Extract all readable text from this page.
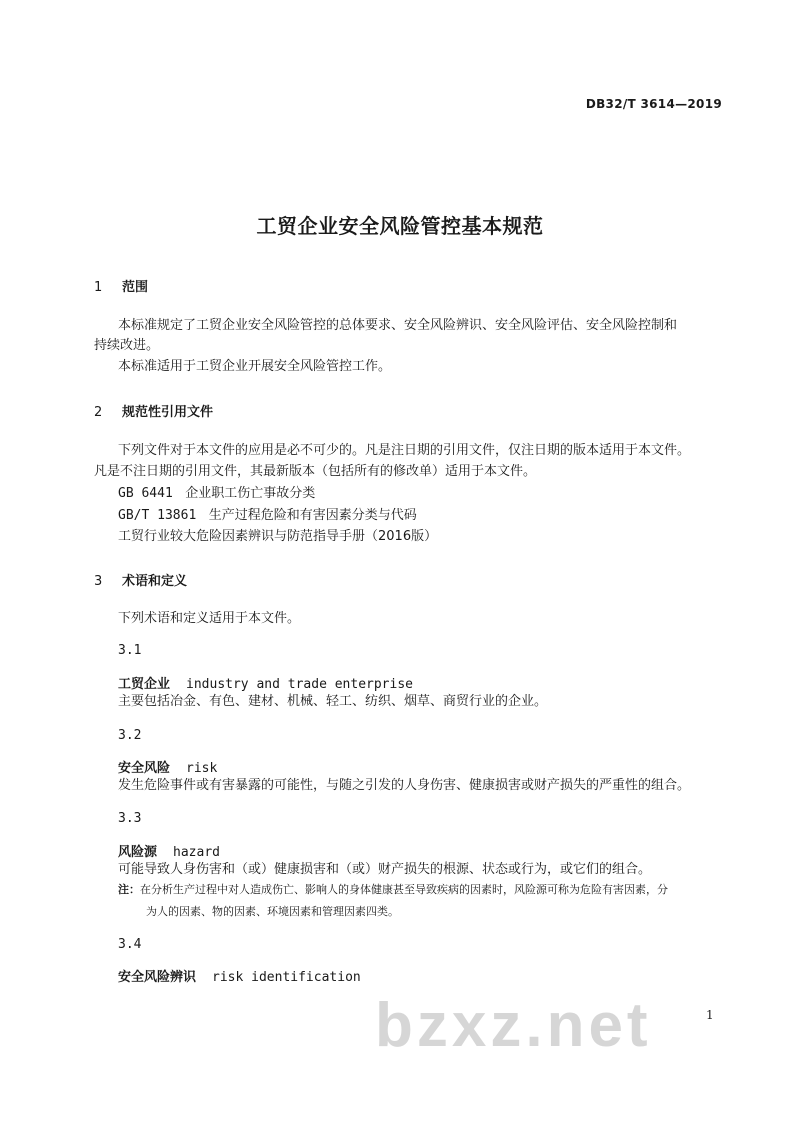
DB32/T 3614—2019
工贸企业安全风险管控基本规范
1 范围
本标准规定了工贸企业安全风险管控的总体要求、安全风险辨识、安全风险评估、安全风险控制和
持续改进。
本标准适用于工贸企业开展安全风险管控工作。
2 规范性引用文件
下列文件对于本文件的应用是必不可少的。凡是注日期的引用文件，仅注日期的版本适用于本文件。
凡是不注日期的引用文件，其最新版本（包括所有的修改单）适用于本文件。
GB 6441 企业职工伤亡事故分类
GB/T 13861 生产过程危险和有害因素分类与代码
工贸行业较大危险因素辨识与防范指导手册（2016版）
3 术语和定义
下列术语和定义适用于本文件。
3.1
工贸企业 industry and trade enterprise
主要包括冶金、有色、建材、机械、轻工、纺织、烟草、商贸行业的企业。
3.2
安全风险 risk
发生危险事件或有害暴露的可能性，与随之引发的人身伤害、健康损害或财产损失的严重性的组合。
3.3
风险源 hazard
可能导致人身伤害和（或）健康损害和（或）财产损失的根源、状态或行为，或它们的组合。
注：在分析生产过程中对人造成伤亡、影响人的身体健康甚至导致疾病的因素时，风险源可称为危险有害因素，分
为人的因素、物的因素、环境因素和管理因素四类。
3.4
安全风险辨识 risk identification
1
bzxz.net
